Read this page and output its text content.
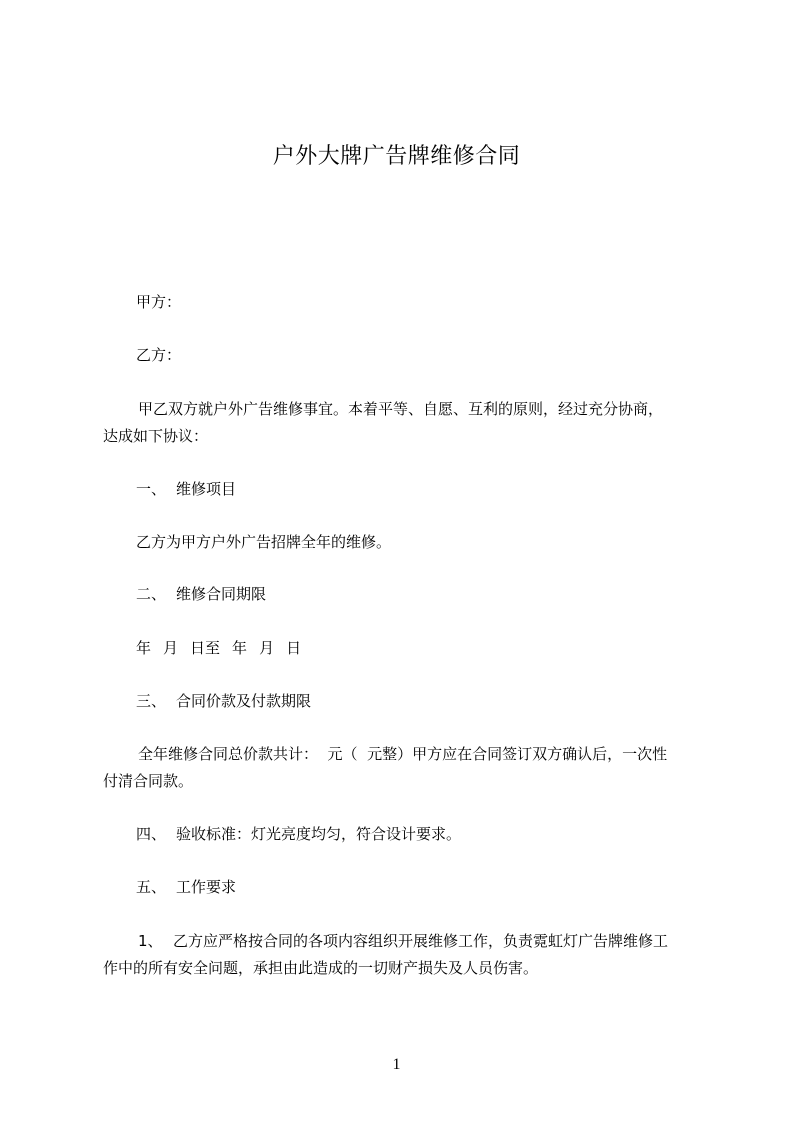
户外大牌广告牌维修合同
甲方：
乙方：
甲乙双方就户外广告维修事宜。本着平等、自愿、互利的原则，经过充分协商，
达成如下协议：
一、 维修项目
乙方为甲方户外广告招牌全年的维修。
二、 维修合同期限
年 月 日至 年 月 日
三、 合同价款及付款期限
全年维修合同总价款共计：  元（  元整）甲方应在合同签订双方确认后，一次性
付清合同款。
四、 验收标准：灯光亮度均匀，符合设计要求。
五、 工作要求
1、 乙方应严格按合同的各项内容组织开展维修工作，负责霓虹灯广告牌维修工
作中的所有安全问题，承担由此造成的一切财产损失及人员伤害。
1
